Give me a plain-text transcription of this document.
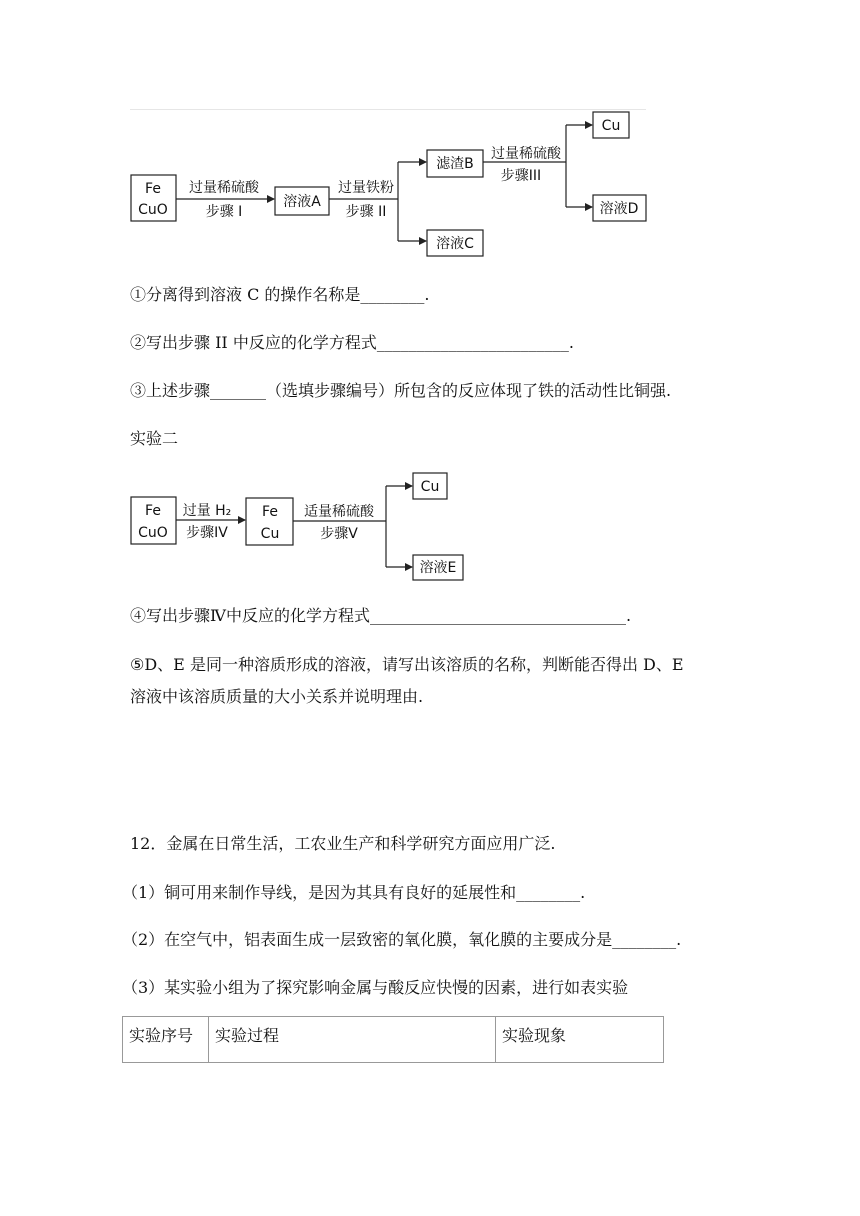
Fe
CuO
过量稀硫酸
步骤 I
溶液A
过量铁粉
步骤 II
滤渣B
溶液C
过量稀硫酸
步骤III
Cu
溶液D
Fe
CuO
过量 H₂
步骤IV
Fe
Cu
适量稀硫酸
步骤Ⅴ
Cu
溶液E
①分离得到溶液 C 的操作名称是________.
②写出步骤 II 中反应的化学方程式________________________.
③上述步骤_______（选填步骤编号）所包含的反应体现了铁的活动性比铜强.
实验二
④写出步骤Ⅳ中反应的化学方程式________________________________.
⑤D、E 是同一种溶质形成的溶液，请写出该溶质的名称，判断能否得出 D、E
溶液中该溶质质量的大小关系并说明理由.
12．金属在日常生活，工农业生产和科学研究方面应用广泛.
（1）铜可用来制作导线，是因为其具有良好的延展性和________.
（2）在空气中，铝表面生成一层致密的氧化膜，氧化膜的主要成分是________.
（3）某实验小组为了探究影响金属与酸反应快慢的因素，进行如表实验
实验序号	实验过程	实验现象
